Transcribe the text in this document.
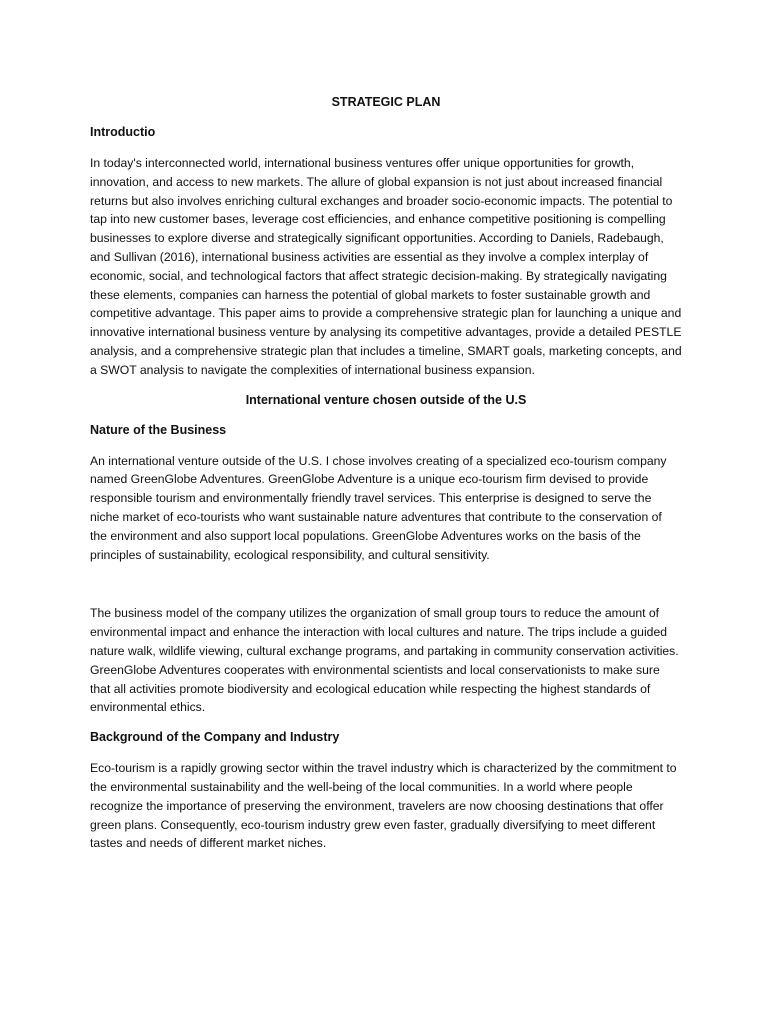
STRATEGIC PLAN
Introductio

In today's interconnected world, international business ventures offer unique opportunities for growth, innovation, and access to new markets. The allure of global expansion is not just about increased financial returns but also involves enriching cultural exchanges and broader socio-economic impacts. The potential to tap into new customer bases, leverage cost efficiencies, and enhance competitive positioning is compelling businesses to explore diverse and strategically significant opportunities. According to Daniels, Radebaugh, and Sullivan (2016), international business activities are essential as they involve a complex interplay of economic, social, and technological factors that affect strategic decision-making. By strategically navigating these elements, companies can harness the potential of global markets to foster sustainable growth and competitive advantage. This paper aims to provide a comprehensive strategic plan for launching a unique and innovative international business venture by analysing its competitive advantages, provide a detailed PESTLE analysis, and a comprehensive strategic plan that includes a timeline, SMART goals, marketing concepts, and a SWOT analysis to navigate the complexities of international business expansion.

International venture chosen outside of the U.S
Nature of the Business

An international venture outside of the U.S. I chose involves creating of a specialized eco-tourism company named GreenGlobe Adventures. GreenGlobe Adventure is a unique eco-tourism firm devised to provide responsible tourism and environmentally friendly travel services. This enterprise is designed to serve the niche market of eco-tourists who want sustainable nature adventures that contribute to the conservation of the environment and also support local populations. GreenGlobe Adventures works on the basis of the principles of sustainability, ecological responsibility, and cultural sensitivity.

The business model of the company utilizes the organization of small group tours to reduce the amount of environmental impact and enhance the interaction with local cultures and nature. The trips include a guided nature walk, wildlife viewing, cultural exchange programs, and partaking in community conservation activities. GreenGlobe Adventures cooperates with environmental scientists and local conservationists to make sure that all activities promote biodiversity and ecological education while respecting the highest standards of environmental ethics.

Background of the Company and Industry

Eco-tourism is a rapidly growing sector within the travel industry which is characterized by the commitment to the environmental sustainability and the well-being of the local communities. In a world where people recognize the importance of preserving the environment, travelers are now choosing destinations that offer green plans. Consequently, eco-tourism industry grew even faster, gradually diversifying to meet different tastes and needs of different market niches.
